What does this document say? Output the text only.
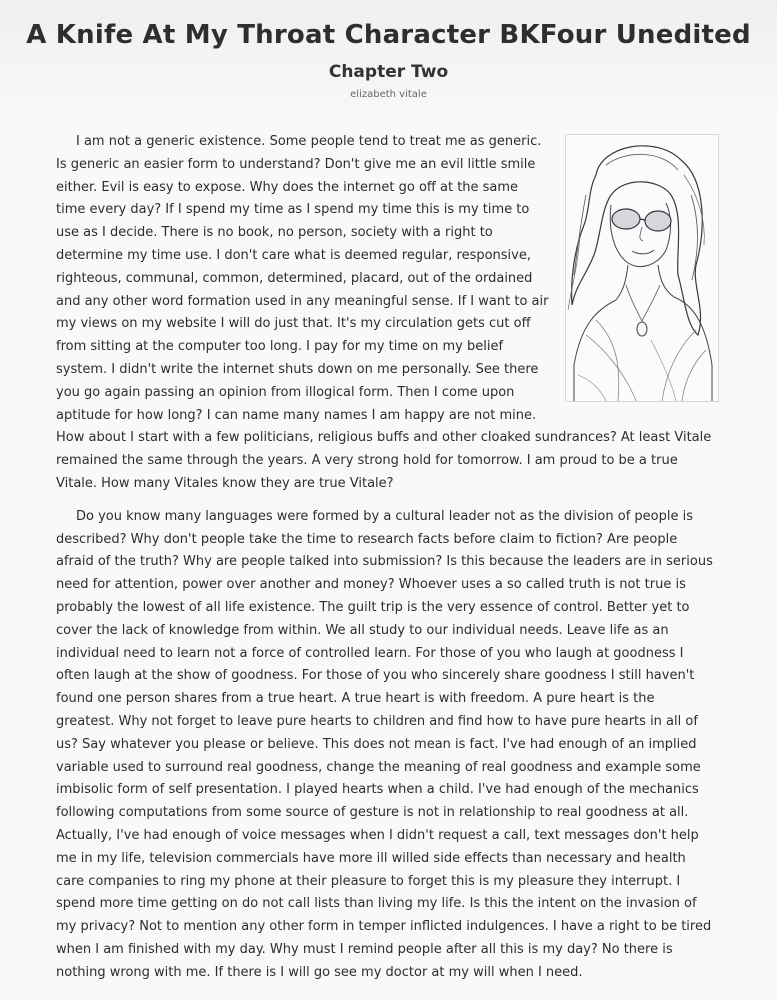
A Knife At My Throat Character BKFour Unedited
Chapter Two
elizabeth vitale

I am not a generic existence. Some people tend to treat me as generic. Is generic an easier form to understand? Don't give me an evil little smile either. Evil is easy to expose. Why does the internet go off at the same time every day? If I spend my time as I spend my time this is my time to use as I decide. There is no book, no person, society with a right to determine my time use. I don't care what is deemed regular, responsive, righteous, communal, common, determined, placard, out of the ordained and any other word formation used in any meaningful sense. If I want to air my views on my website I will do just that. It's my circulation gets cut off from sitting at the computer too long. I pay for my time on my belief system. I didn't write the internet shuts down on me personally. See there you go again passing an opinion from illogical form. Then I come upon aptitude for how long? I can name many names I am happy are not mine. How about I start with a few politicians, religious buffs and other cloaked sundrances? At least Vitale remained the same through the years. A very strong hold for tomorrow. I am proud to be a true Vitale. How many Vitales know they are true Vitale?

Do you know many languages were formed by a cultural leader not as the division of people is described? Why don't people take the time to research facts before claim to fiction? Are people afraid of the truth? Why are people talked into submission? Is this because the leaders are in serious need for attention, power over another and money? Whoever uses a so called truth is not true is probably the lowest of all life existence. The guilt trip is the very essence of control. Better yet to cover the lack of knowledge from within. We all study to our individual needs. Leave life as an individual need to learn not a force of controlled learn. For those of you who laugh at goodness I often laugh at the show of goodness. For those of you who sincerely share goodness I still haven't found one person shares from a true heart. A true heart is with freedom. A pure heart is the greatest. Why not forget to leave pure hearts to children and find how to have pure hearts in all of us? Say whatever you please or believe. This does not mean is fact. I've had enough of an implied variable used to surround real goodness, change the meaning of real goodness and example some imbisolic form of self presentation. I played hearts when a child. I've had enough of the mechanics following computations from some source of gesture is not in relationship to real goodness at all. Actually, I've had enough of voice messages when I didn't request a call, text messages don't help me in my life, television commercials have more ill willed side effects than necessary and health care companies to ring my phone at their pleasure to forget this is my pleasure they interrupt. I spend more time getting on do not call lists than living my life. Is this the intent on the invasion of my privacy? Not to mention any other form in temper inflicted indulgences. I have a right to be tired when I am finished with my day. Why must I remind people after all this is my day? No there is nothing wrong with me. If there is I will go see my doctor at my will when I need.
